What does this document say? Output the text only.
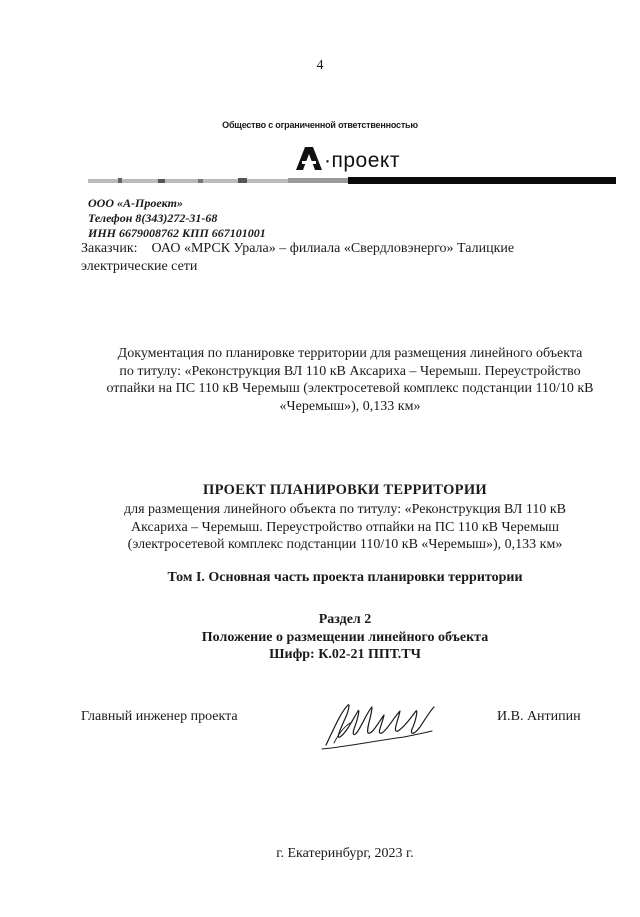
4
Общество с ограниченной ответственностью
·проект
ООО «А-Проект»
Телефон 8(343)272-31-68
ИНН 6679008762 КПП 667101001
Заказчик: ОАО «МРСК Урала» – филиала «Свердловэнерго» Талицкие электрические сети
Документация по планировке территории для размещения линейного объекта
по титулу: «Реконструкция ВЛ 110 кВ Аксариха – Черемыш. Переустройство
отпайки на ПС 110 кВ Черемыш (электросетевой комплекс подстанции 110/10 кВ
«Черемыш»), 0,133 км»
ПРОЕКТ ПЛАНИРОВКИ ТЕРРИТОРИИ
для размещения линейного объекта по титулу: «Реконструкция ВЛ 110 кВ
Аксариха – Черемыш. Переустройство отпайки на ПС 110 кВ Черемыш
(электросетевой комплекс подстанции 110/10 кВ «Черемыш»), 0,133 км»
Том I. Основная часть проекта планировки территории
Раздел 2
Положение о размещении линейного объекта
Шифр: К.02-21 ППТ.ТЧ
Главный инженер проекта	И.В. Антипин
г. Екатеринбург, 2023 г.
